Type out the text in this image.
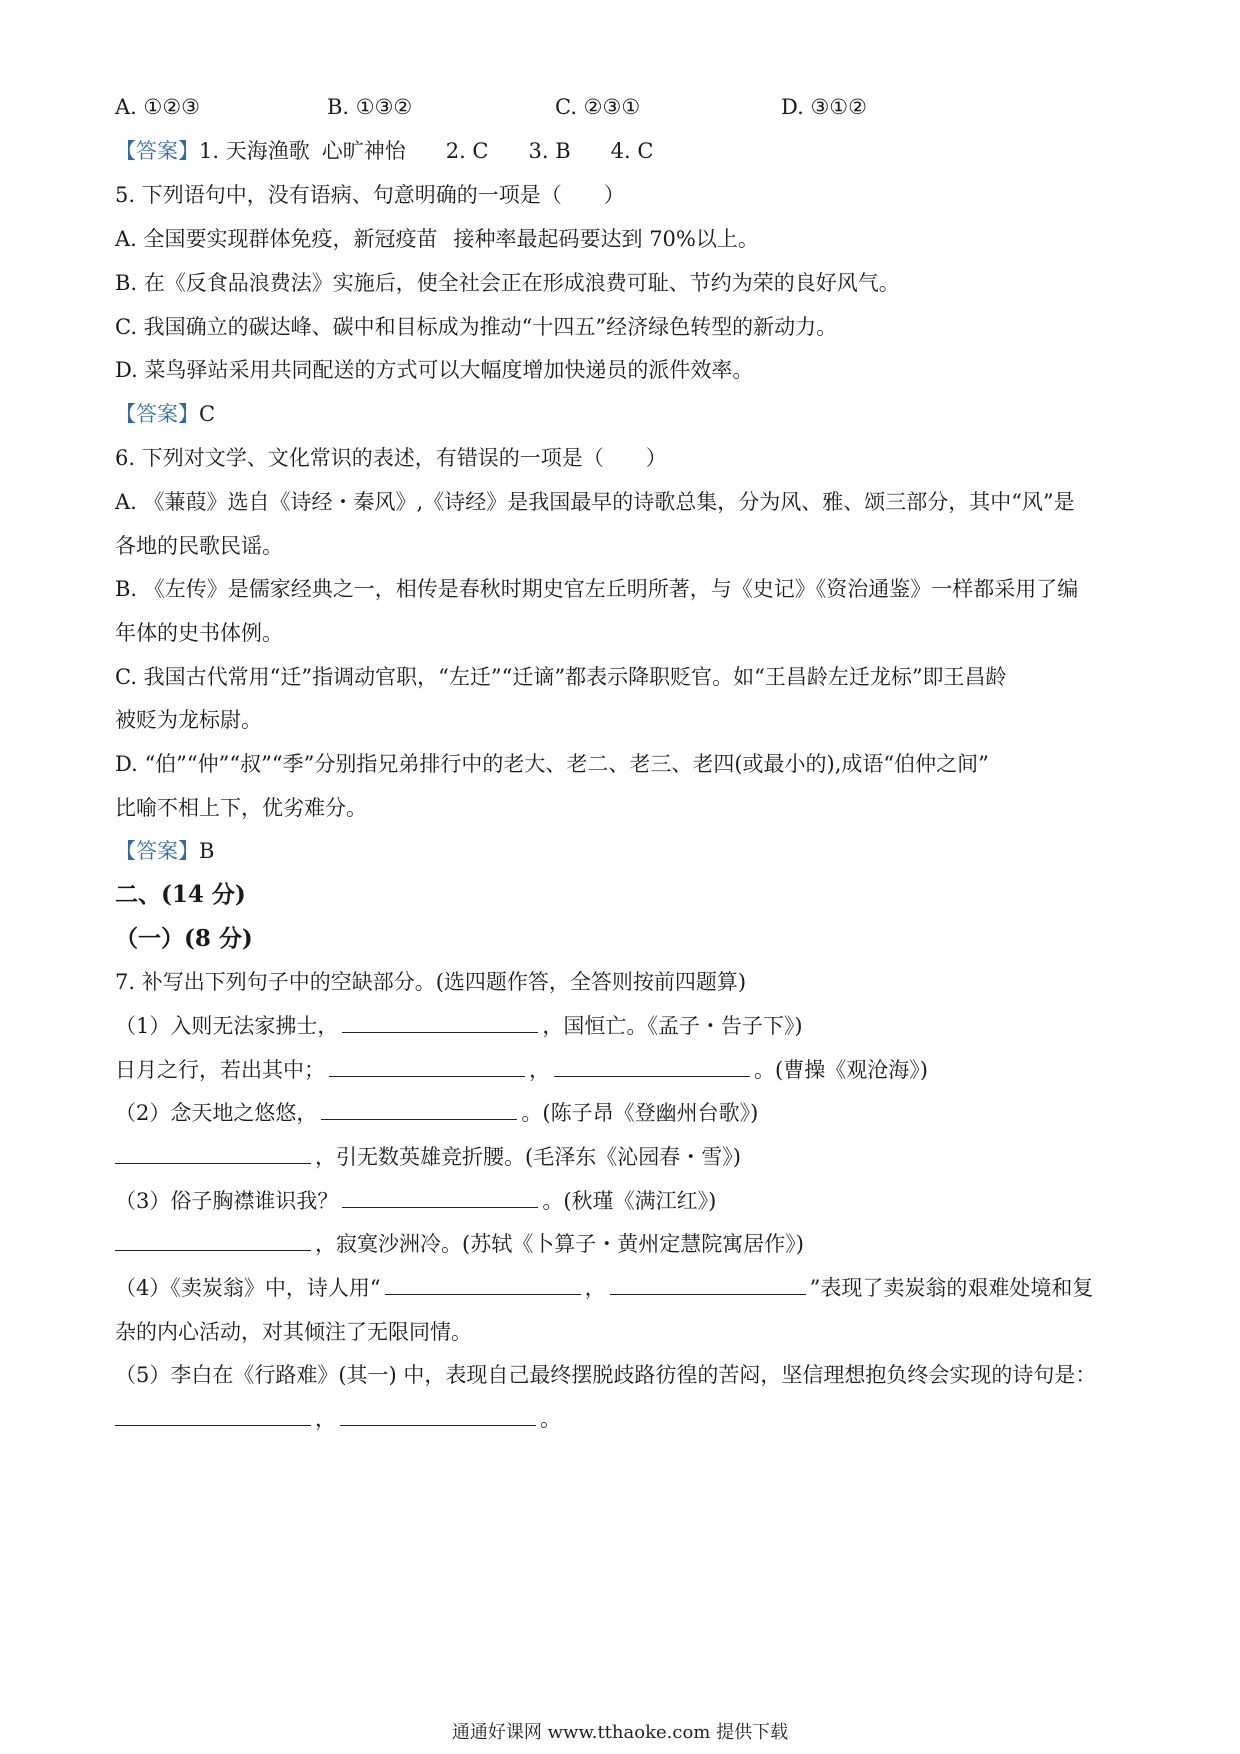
A. ①②③	B. ①③②	C. ②③①	D. ③①②
【答案】1. 天海渔歌 心旷神怡 2. C 3. B 4. C
5. 下列语句中，没有语病、句意明确的一项是（　　）
A. 全国要实现群体免疫，新冠疫苗 接种率最起码要达到 70%以上。
B. 在《反食品浪费法》实施后，使全社会正在形成浪费可耻、节约为荣的良好风气。
C. 我国确立的碳达峰、碳中和目标成为推动“十四五”经济绿色转型的新动力。
D. 菜鸟驿站采用共同配送的方式可以大幅度增加快递员的派件效率。
【答案】C
6. 下列对文学、文化常识的表述，有错误的一项是（　　）
A. 《蒹葭》选自《诗经・秦风》,《诗经》是我国最早的诗歌总集，分为风、雅、颂三部分，其中“风”是
各地的民歌民谣。
B. 《左传》是儒家经典之一，相传是春秋时期史官左丘明所著，与《史记》《资治通鉴》一样都采用了编
年体的史书体例。
C. 我国古代常用“迁”指调动官职，“左迁”“迁谪”都表示降职贬官。如“王昌龄左迁龙标”即王昌龄
被贬为龙标尉。
D. “伯”“仲”“叔”“季”分别指兄弟排行中的老大、老二、老三、老四(或最小的),成语“伯仲之间”
比喻不相上下，优劣难分。
【答案】B
二、(14 分)
（一）(8 分)
7. 补写出下列句子中的空缺部分。(选四题作答，全答则按前四题算)
（1）入则无法家拂士，	，国恒亡。《孟子・告子下》)
日月之行，若出其中；	，	。(曹操《观沧海》)
（2）念天地之悠悠，	。(陈子昂《登幽州台歌》)
，引无数英雄竞折腰。(毛泽东《沁园春・雪》)
（3）俗子胸襟谁识我？	。(秋瑾《满江红》)
，寂寞沙洲冷。(苏轼《卜算子・黄州定慧院寓居作》)
（4）《卖炭翁》中，诗人用“	，	”表现了卖炭翁的艰难处境和复
杂的内心活动，对其倾注了无限同情。
（5）李白在《行路难》(其一) 中，表现自己最终摆脱歧路彷徨的苦闷，坚信理想抱负终会实现的诗句是：
，	。
通通好课网 www.tthaoke.com 提供下载
